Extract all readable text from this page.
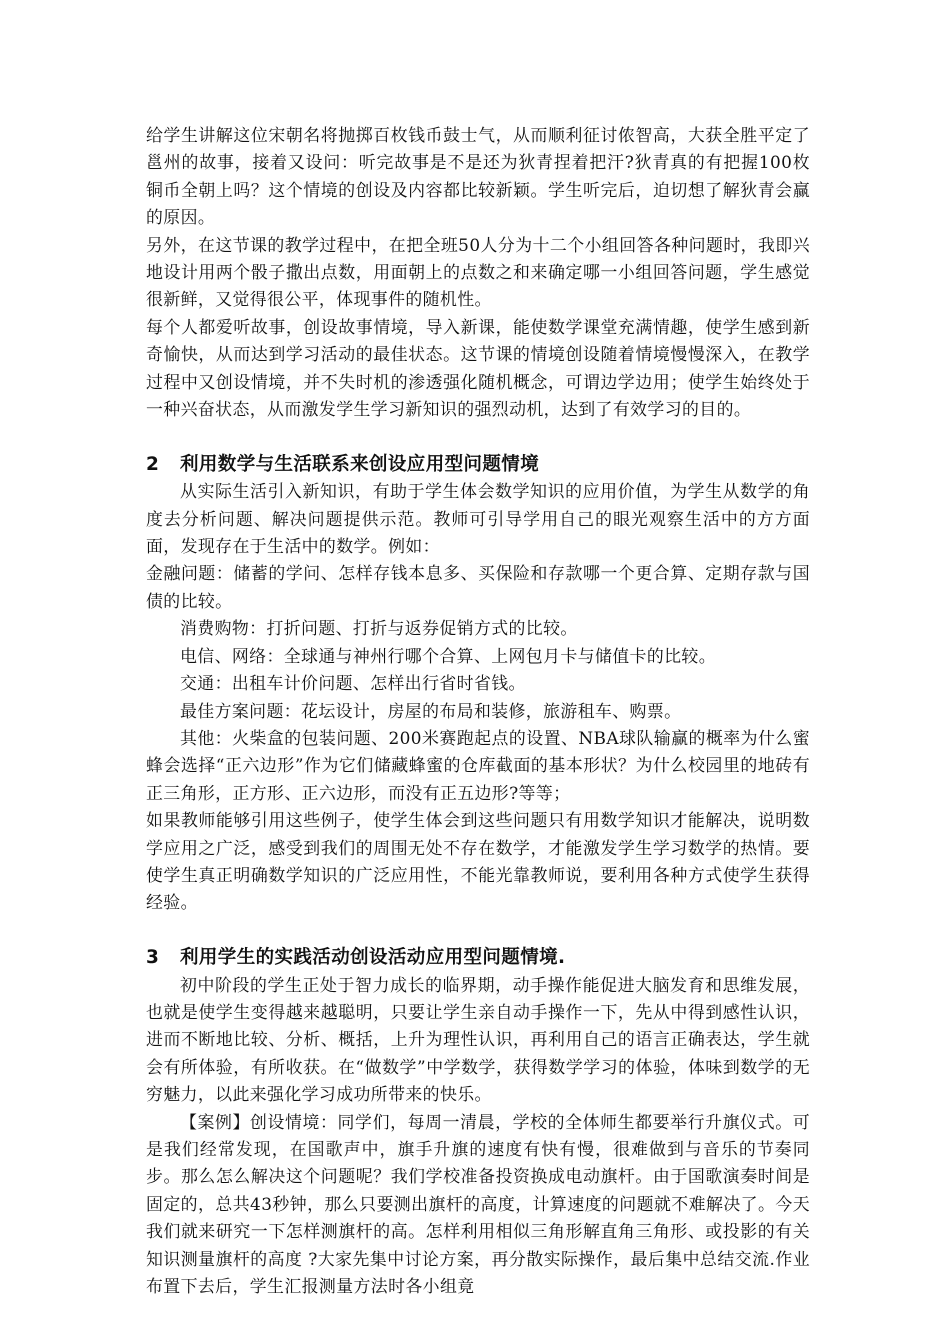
给学生讲解这位宋朝名将抛掷百枚钱币鼓士气，从而顺利征讨侬智高，大获全胜平定了邕州的故事，接着又设问：听完故事是不是还为狄青捏着把汗?狄青真的有把握100枚铜币全朝上吗？这个情境的创设及内容都比较新颖。学生听完后，迫切想了解狄青会赢的原因。

另外，在这节课的教学过程中，在把全班50人分为十二个小组回答各种问题时，我即兴地设计用两个骰子撒出点数，用面朝上的点数之和来确定哪一小组回答问题，学生感觉很新鲜，又觉得很公平，体现事件的随机性。

每个人都爱听故事，创设故事情境，导入新课，能使数学课堂充满情趣，使学生感到新奇愉快，从而达到学习活动的最佳状态。这节课的情境创设随着情境慢慢深入，在教学过程中又创设情境，并不失时机的渗透强化随机概念，可谓边学边用；使学生始终处于一种兴奋状态，从而激发学生学习新知识的强烈动机，达到了有效学习的目的。

2 利用数学与生活联系来创设应用型问题情境

从实际生活引入新知识，有助于学生体会数学知识的应用价值，为学生从数学的角度去分析问题、解决问题提供示范。教师可引导学用自己的眼光观察生活中的方方面面，发现存在于生活中的数学。例如：

金融问题：储蓄的学问、怎样存钱本息多、买保险和存款哪一个更合算、定期存款与国债的比较。

消费购物：打折问题、打折与返券促销方式的比较。

电信、网络：全球通与神州行哪个合算、上网包月卡与储值卡的比较。

交通：出租车计价问题、怎样出行省时省钱。

最佳方案问题：花坛设计，房屋的布局和装修，旅游租车、购票。

其他：火柴盒的包装问题、200米赛跑起点的设置、NBA球队输赢的概率为什么蜜蜂会选择“正六边形”作为它们储藏蜂蜜的仓库截面的基本形状？为什么校园里的地砖有正三角形，正方形、正六边形，而没有正五边形?等等；

如果教师能够引用这些例子，使学生体会到这些问题只有用数学知识才能解决，说明数学应用之广泛，感受到我们的周围无处不存在数学，才能激发学生学习数学的热情。要使学生真正明确数学知识的广泛应用性，不能光靠教师说，要利用各种方式使学生获得经验。

3 利用学生的实践活动创设活动应用型问题情境.

初中阶段的学生正处于智力成长的临界期，动手操作能促进大脑发育和思维发展，也就是使学生变得越来越聪明，只要让学生亲自动手操作一下，先从中得到感性认识，进而不断地比较、分析、概括，上升为理性认识，再利用自己的语言正确表达，学生就会有所体验，有所收获。在“做数学”中学数学，获得数学学习的体验，体味到数学的无穷魅力，以此来强化学习成功所带来的快乐。

【案例】创设情境：同学们，每周一清晨，学校的全体师生都要举行升旗仪式。可是我们经常发现，在国歌声中，旗手升旗的速度有快有慢，很难做到与音乐的节奏同步。那么怎么解决这个问题呢？我们学校准备投资换成电动旗杆。由于国歌演奏时间是固定的，总共43秒钟，那么只要测出旗杆的高度，计算速度的问题就不难解决了。今天我们就来研究一下怎样测旗杆的高。怎样利用相似三角形解直角三角形、或投影的有关知识测量旗杆的高度 ?大家先集中讨论方案，再分散实际操作，最后集中总结交流.作业布置下去后，学生汇报测量方法时各小组竟
